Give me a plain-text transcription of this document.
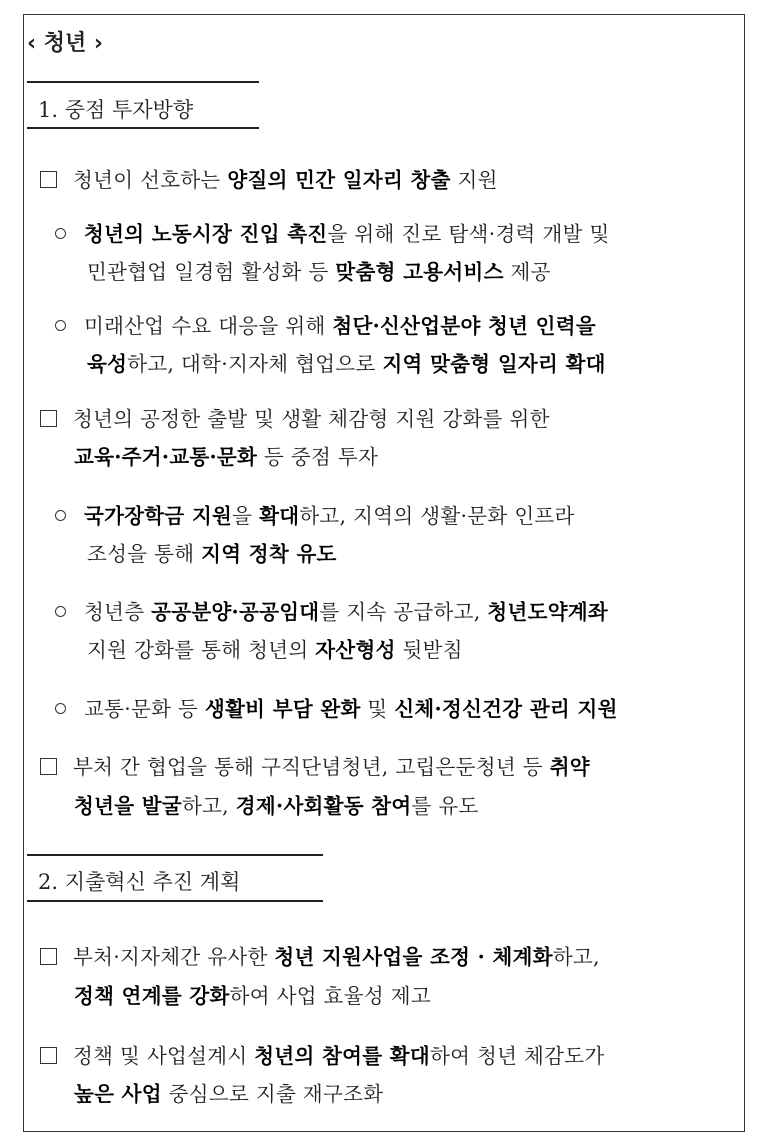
‹ 청년 ›
1. 중점 투자방향
2. 지출혁신 추진 계획
청년이 선호하는 양질의 민간 일자리 창출 지원
청년의 노동시장 진입 촉진을 위해 진로 탐색·경력 개발 및
민관협업 일경험 활성화 등 맞춤형 고용서비스 제공
미래산업 수요 대응을 위해 첨단·신산업분야 청년 인력을
육성하고, 대학·지자체 협업으로 지역 맞춤형 일자리 확대
청년의 공정한 출발 및 생활 체감형 지원 강화를 위한
교육·주거·교통·문화 등 중점 투자
국가장학금 지원을 확대하고, 지역의 생활·문화 인프라
조성을 통해 지역 정착 유도
청년층 공공분양·공공임대를 지속 공급하고, 청년도약계좌
지원 강화를 통해 청년의 자산형성 뒷받침
교통·문화 등 생활비 부담 완화 및 신체·정신건강 관리 지원
부처 간 협업을 통해 구직단념청년, 고립은둔청년 등 취약
청년을 발굴하고, 경제·사회활동 참여를 유도
부처·지자체간 유사한 청년 지원사업을 조정 · 체계화하고,
정책 연계를 강화하여 사업 효율성 제고
정책 및 사업설계시 청년의 참여를 확대하여 청년 체감도가
높은 사업 중심으로 지출 재구조화
